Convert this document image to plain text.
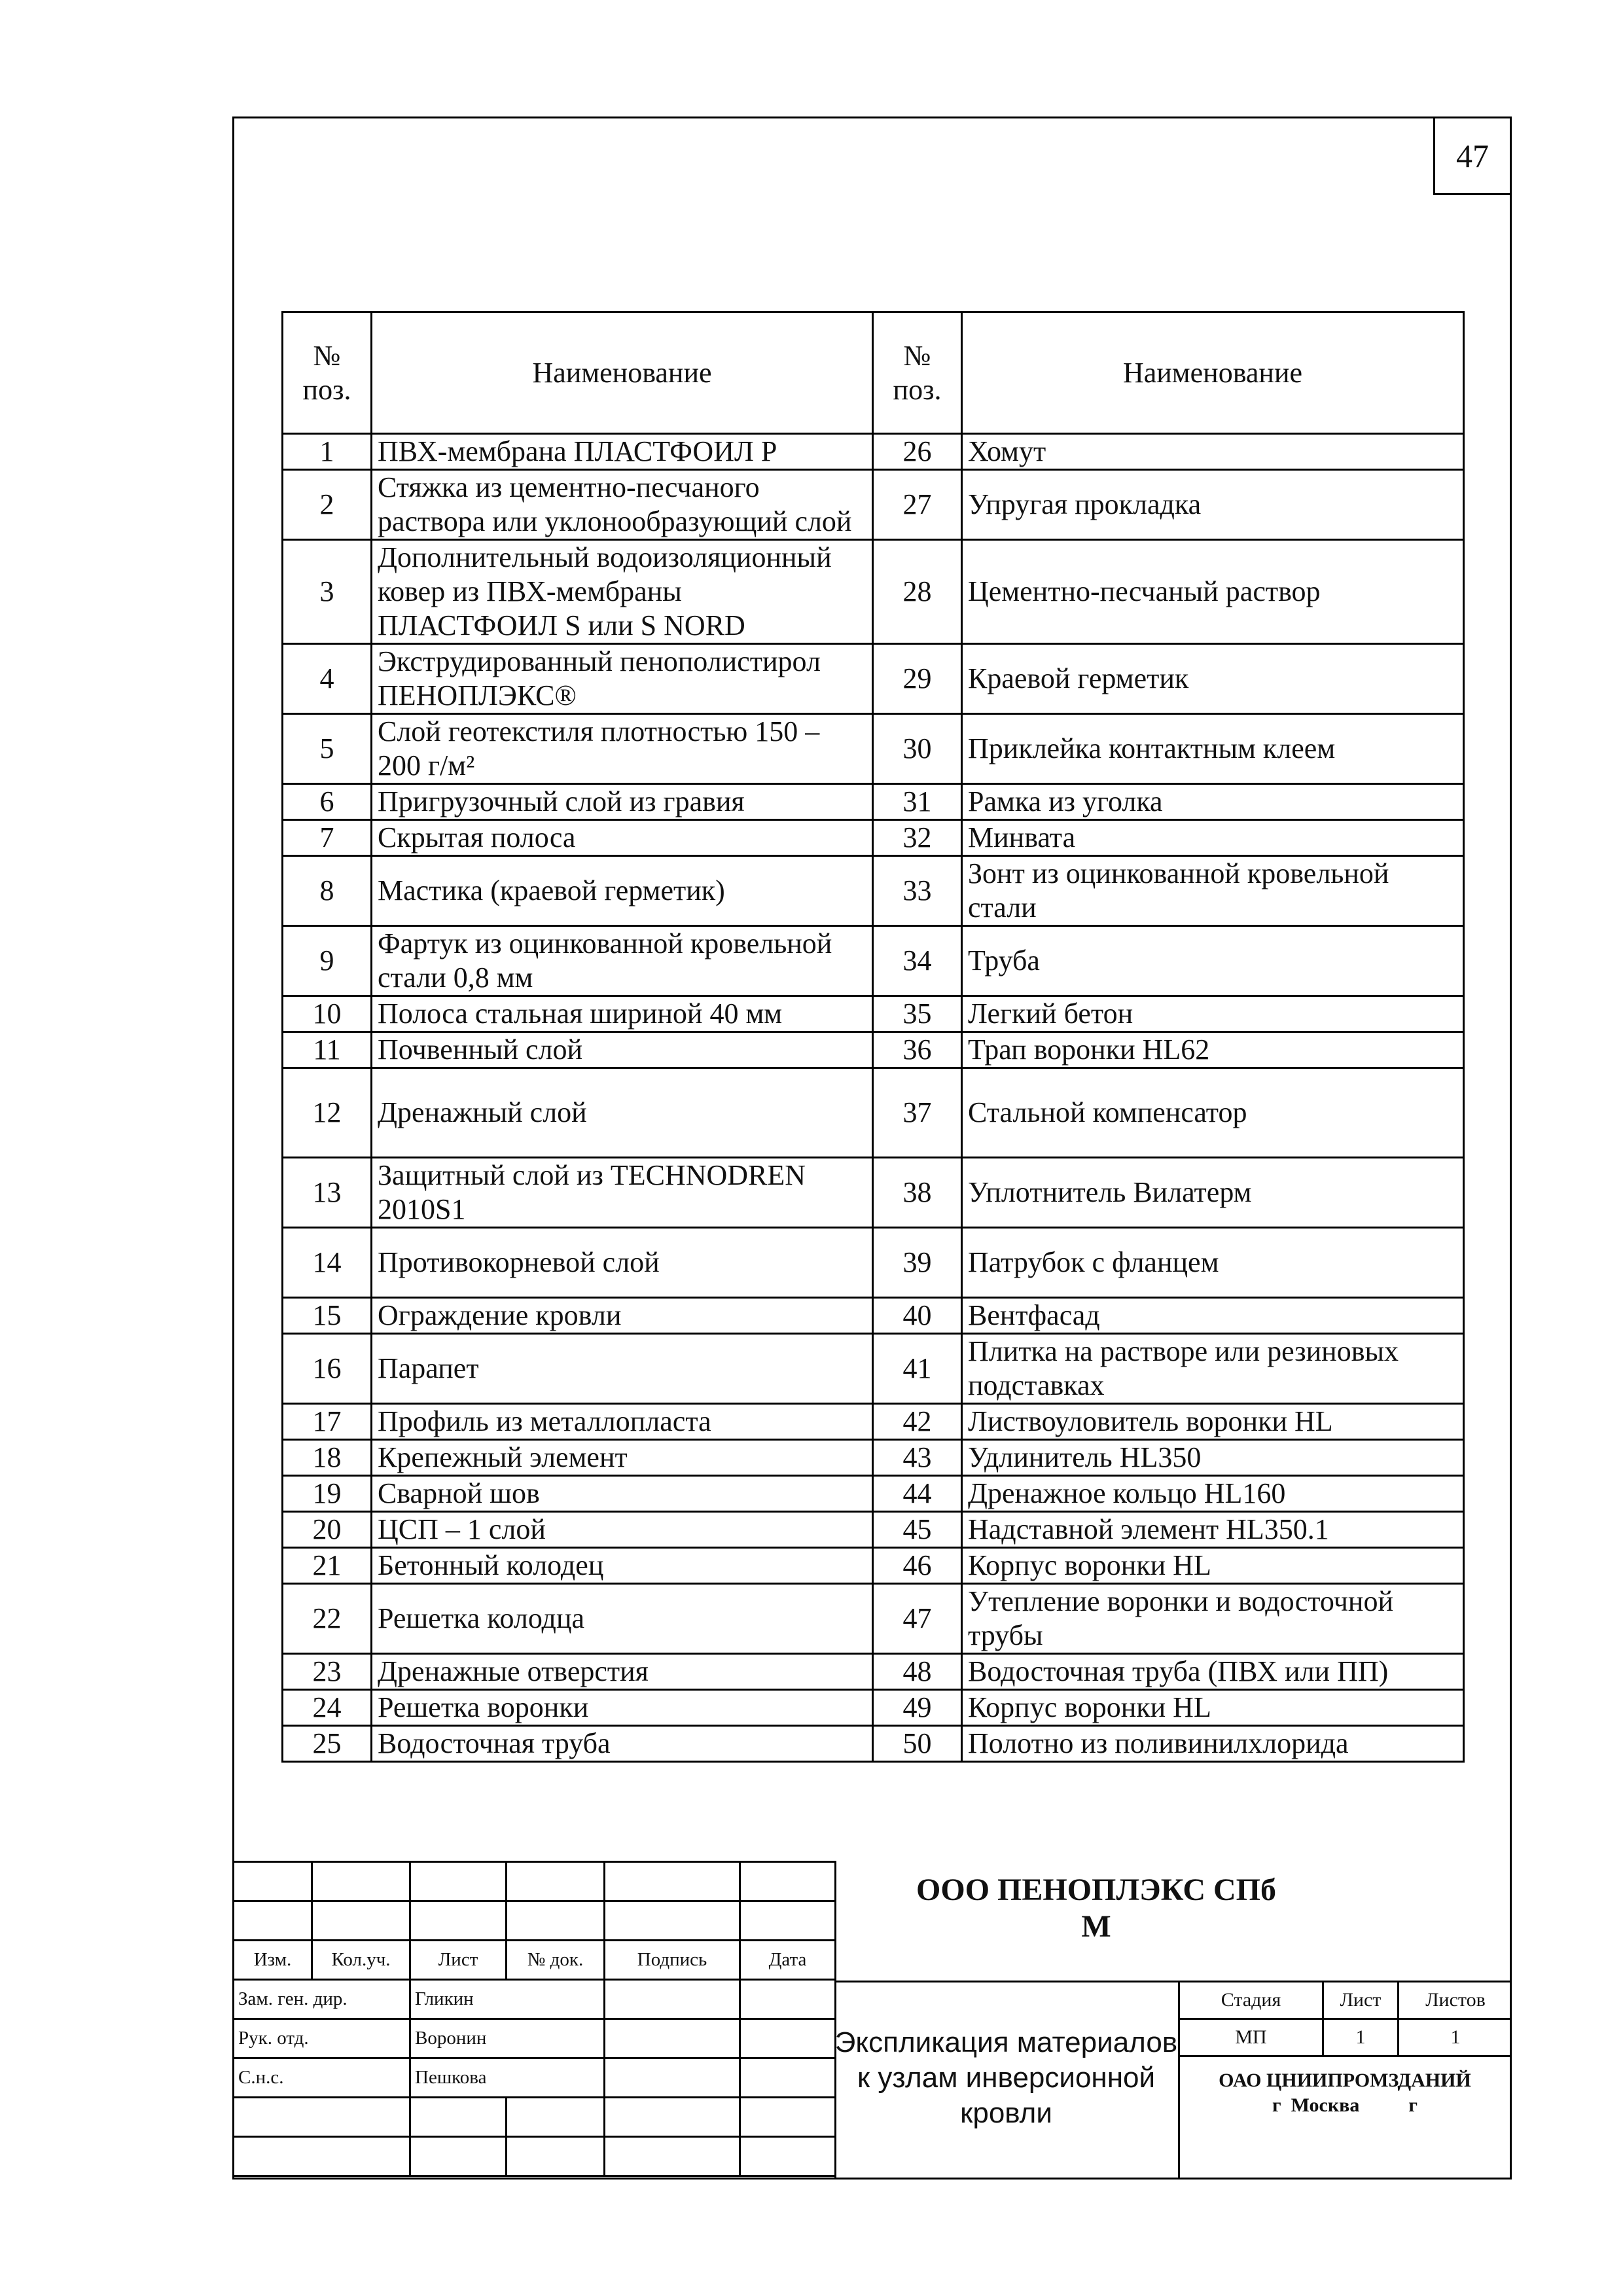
47
№ поз.	Наименование	№ поз.	Наименование
1	ПВХ-мембрана ПЛАСТФОИЛ Р	26	Хомут
2	Стяжка из цементно-песчаного раствора или уклонообразующий слой	27	Упругая прокладка
3	Дополнительный водоизоляционный ковер из ПВХ-мембраны ПЛАСТФОИЛ S или S NORD	28	Цементно-песчаный раствор
4	Экструдированный пенополистирол ПЕНОПЛЭКС®	29	Краевой герметик
5	Слой геотекстиля плотностью 150 – 200 г/м²	30	Приклейка контактным клеем
6	Пригрузочный слой из гравия	31	Рамка из уголка
7	Скрытая полоса	32	Минвата
8	Мастика (краевой герметик)	33	Зонт из оцинкованной кровельной стали
9	Фартук из оцинкованной кровельной стали 0,8 мм	34	Труба
10	Полоса стальная шириной 40 мм	35	Легкий бетон
11	Почвенный слой	36	Трап воронки HL62
12	Дренажный слой	37	Стальной компенсатор
13	Защитный слой из TECHNODREN 2010S1	38	Уплотнитель Вилатерм
14	Противокорневой слой	39	Патрубок с фланцем
15	Ограждение кровли	40	Вентфасад
16	Парапет	41	Плитка на растворе или резиновых подставках
17	Профиль из металлопласта	42	Листвоуловитель воронки HL
18	Крепежный элемент	43	Удлинитель HL350
19	Сварной шов	44	Дренажное кольцо HL160
20	ЦСП – 1 слой	45	Надставной элемент HL350.1
21	Бетонный колодец	46	Корпус воронки HL
22	Решетка колодца	47	Утепление воронки и водосточной трубы
23	Дренажные отверстия	48	Водосточная труба (ПВХ или ПП)
24	Решетка воронки	49	Корпус воронки HL
25	Водосточная труба	50	Полотно из поливинилхлорида

Изм.	Кол.уч.	Лист	№ док.	Подпись	Дата
Зам. ген. дир.		Гликин			
Рук. отд.		Воронин			
С.н.с.		Пешкова			

ООО ПЕНОПЛЭКС СПб
М
Экспликация материалов к узлам инверсионной кровли
Стадия	Лист	Листов
МП	1	1
ОАО ЦНИИПРОМЗДАНИЙ
г  Москва          г
